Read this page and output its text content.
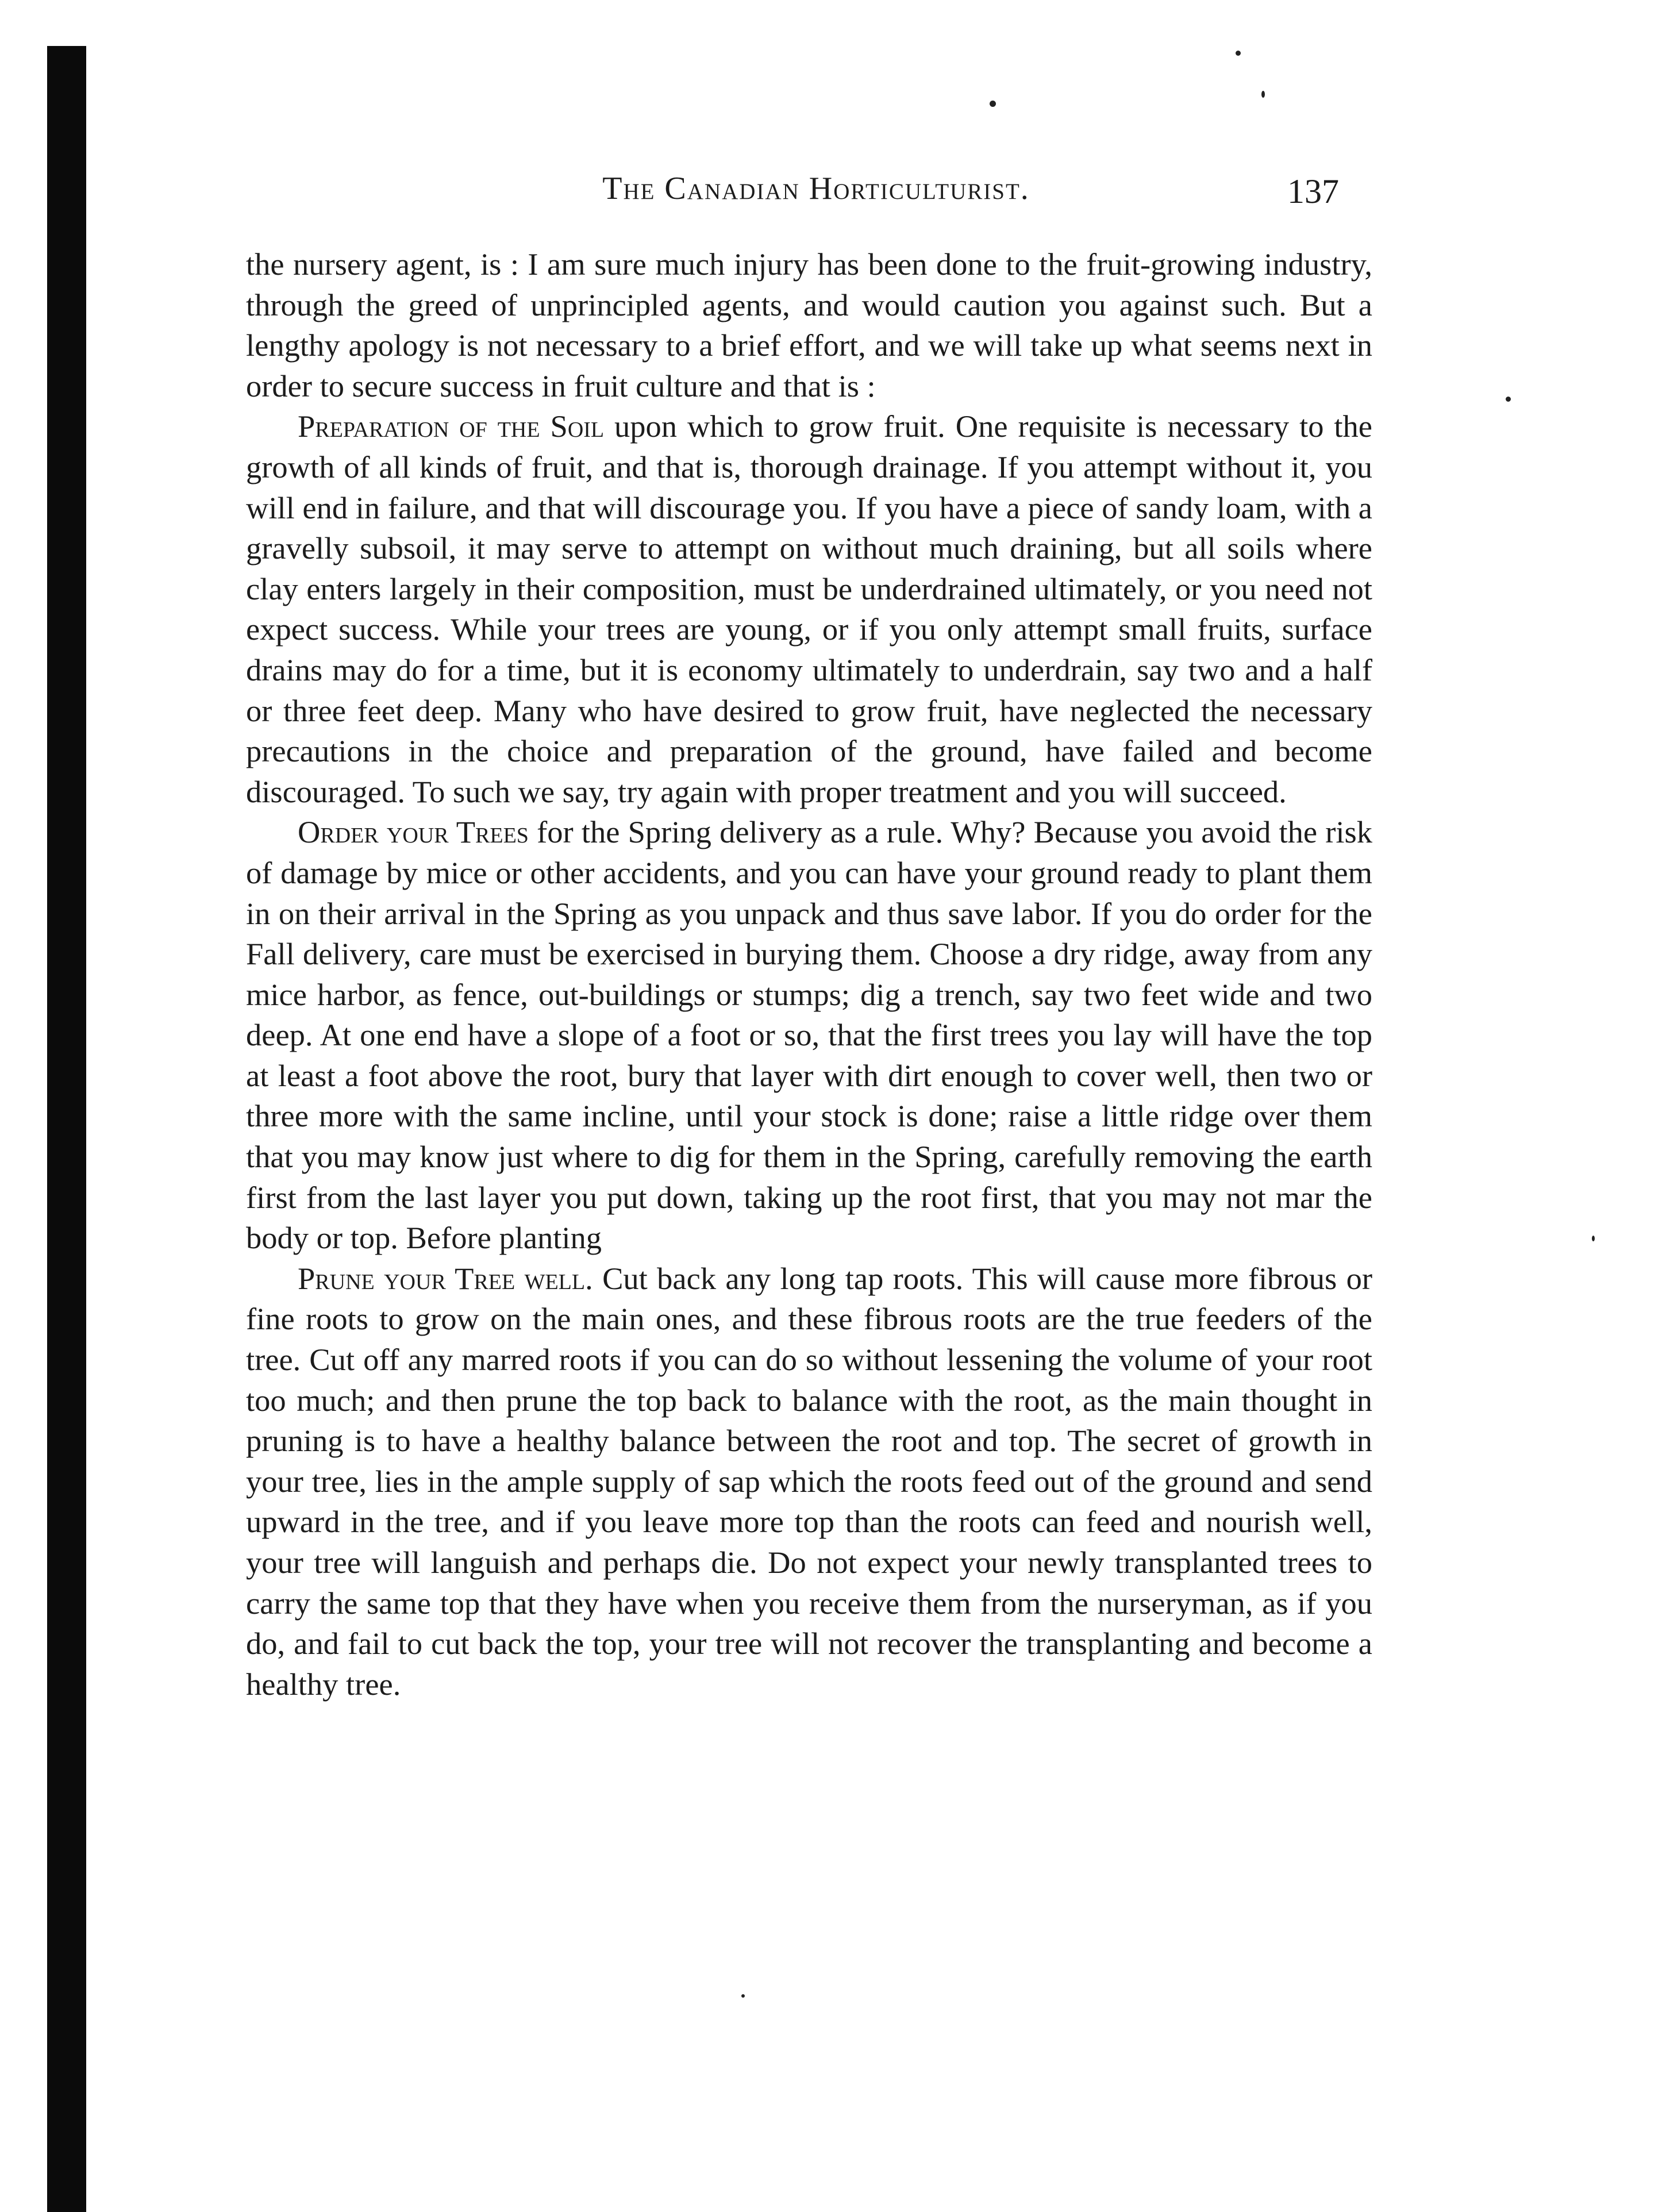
The Canadian Horticulturist.	137

the nursery agent, is : I am sure much injury has been done to the fruit-growing industry, through the greed of unprincipled agents, and would caution you against such. But a lengthy apology is not necessary to a brief effort, and we will take up what seems next in order to secure success in fruit culture and that is :

Preparation of the Soil upon which to grow fruit. One requisite is necessary to the growth of all kinds of fruit, and that is, thorough drainage. If you attempt without it, you will end in failure, and that will discourage you. If you have a piece of sandy loam, with a gravelly subsoil, it may serve to attempt on without much draining, but all soils where clay enters largely in their composition, must be underdrained ultimately, or you need not expect success. While your trees are young, or if you only attempt small fruits, surface drains may do for a time, but it is economy ultimately to underdrain, say two and a half or three feet deep. Many who have desired to grow fruit, have neglected the necessary precautions in the choice and preparation of the ground, have failed and become discouraged. To such we say, try again with proper treatment and you will succeed.

Order your Trees for the Spring delivery as a rule. Why? Because you avoid the risk of damage by mice or other accidents, and you can have your ground ready to plant them in on their arrival in the Spring as you unpack and thus save labor. If you do order for the Fall delivery, care must be exercised in burying them. Choose a dry ridge, away from any mice harbor, as fence, out-buildings or stumps; dig a trench, say two feet wide and two deep. At one end have a slope of a foot or so, that the first trees you lay will have the top at least a foot above the root, bury that layer with dirt enough to cover well, then two or three more with the same incline, until your stock is done; raise a little ridge over them that you may know just where to dig for them in the Spring, carefully removing the earth first from the last layer you put down, taking up the root first, that you may not mar the body or top. Before planting

Prune your Tree well. Cut back any long tap roots. This will cause more fibrous or fine roots to grow on the main ones, and these fibrous roots are the true feeders of the tree. Cut off any marred roots if you can do so without lessening the volume of your root too much; and then prune the top back to balance with the root, as the main thought in pruning is to have a healthy balance between the root and top. The secret of growth in your tree, lies in the ample supply of sap which the roots feed out of the ground and send upward in the tree, and if you leave more top than the roots can feed and nourish well, your tree will languish and perhaps die. Do not expect your newly transplanted trees to carry the same top that they have when you receive them from the nurseryman, as if you do, and fail to cut back the top, your tree will not recover the transplanting and become a healthy tree.
